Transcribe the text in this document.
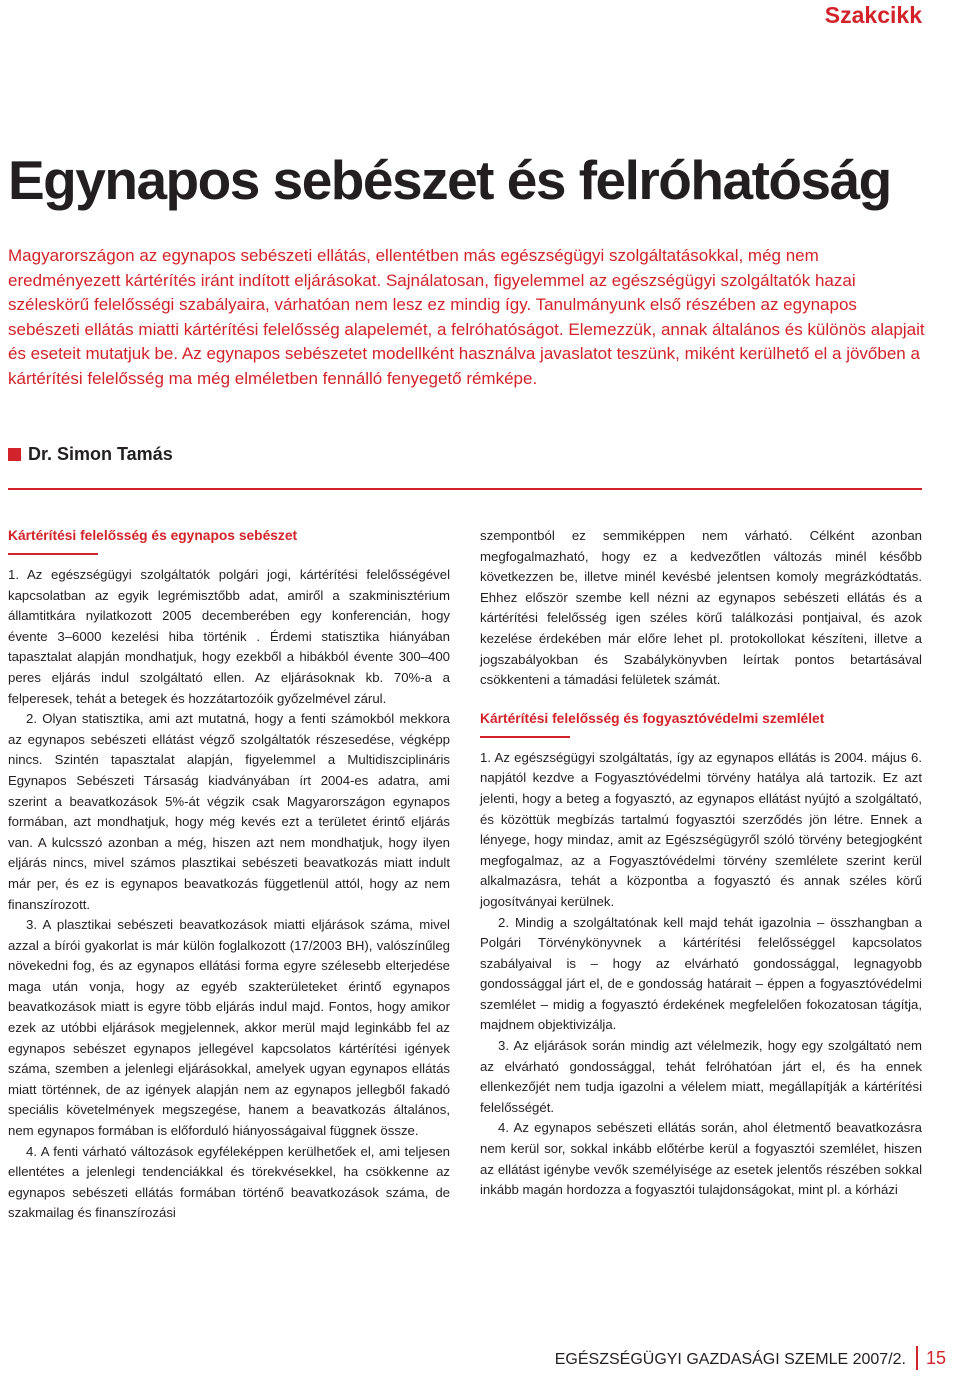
Szakcikk
Egynapos sebészet és felróhatóság

Magyarországon az egynapos sebészeti ellátás, ellentétben más egészségügyi szolgáltatásokkal, még nem eredményezett kártérítés iránt indított eljárásokat. Sajnálatosan, figyelemmel az egészségügyi szolgáltatók hazai széleskörű felelősségi szabályaira, várhatóan nem lesz ez mindig így. Tanulmányunk első részében az egynapos sebészeti ellátás miatti kártérítési felelősség alapelemét, a felróhatóságot. Elemezzük, annak általános és különös alapjait és eseteit mutatjuk be. Az egynapos sebészetet modellként használva javaslatot teszünk, miként kerülhető el a jövőben a kártérítési felelősség ma még elméletben fennálló fenyegető rémképe.

Dr. Simon Tamás
Kártérítési felelősség és egynapos sebészet

1. Az egészségügyi szolgáltatók polgári jogi, kártérítési felelősségével kapcsolatban az egyik legrémisztőbb adat, amiről a szakminisztérium államtitkára nyilatkozott 2005 decemberében egy konferencián, hogy évente 3–6000 kezelési hiba történik . Érdemi statisztika hiányában tapasztalat alapján mondhatjuk, hogy ezekből a hibákból évente 300–400 peres eljárás indul szolgáltató ellen. Az eljárásoknak kb. 70%-a a felperesek, tehát a betegek és hozzátartozóik győzelmével zárul.

2. Olyan statisztika, ami azt mutatná, hogy a fenti számokból mekkora az egynapos sebészeti ellátást végző szolgáltatók részesedése, végképp nincs. Szintén tapasztalat alapján, figyelemmel a Multidiszciplináris Egynapos Sebészeti Társaság kiadványában írt 2004-es adatra, ami szerint a beavatkozások 5%-át végzik csak Magyarországon egynapos formában, azt mondhatjuk, hogy még kevés ezt a területet érintő eljárás van. A kulcsszó azonban a még, hiszen azt nem mondhatjuk, hogy ilyen eljárás nincs, mivel számos plasztikai sebészeti beavatkozás miatt indult már per, és ez is egynapos beavatkozás függetlenül attól, hogy az nem finanszírozott.

3. A plasztikai sebészeti beavatkozások miatti eljárások száma, mivel azzal a bírói gyakorlat is már külön foglalkozott (17/2003 BH), valószínűleg növekedni fog, és az egynapos ellátási forma egyre szélesebb elterjedése maga után vonja, hogy az egyéb szakterületeket érintő egynapos beavatkozások miatt is egyre több eljárás indul majd. Fontos, hogy amikor ezek az utóbbi eljárások megjelennek, akkor merül majd leginkább fel az egynapos sebészet egynapos jellegével kapcsolatos kártérítési igények száma, szemben a jelenlegi eljárásokkal, amelyek ugyan egynapos ellátás miatt történnek, de az igények alapján nem az egynapos jellegből fakadó speciális követelmények megszegése, hanem a beavatkozás általános, nem egynapos formában is előforduló hiányosságaival függnek össze.

4. A fenti várható változások egyféleképpen kerülhetőek el, ami teljesen ellentétes a jelenlegi tendenciákkal és törekvésekkel, ha csökkenne az egynapos sebészeti ellátás formában történő beavatkozások száma, de szakmailag és finanszírozási

szempontból ez semmiképpen nem várható. Célként azonban megfogalmazható, hogy ez a kedvezőtlen változás minél később következzen be, illetve minél kevésbé jelentsen komoly megrázkódtatás. Ehhez először szembe kell nézni az egynapos sebészeti ellátás és a kártérítési felelősség igen széles körű találkozási pontjaival, és azok kezelése érdekében már előre lehet pl. protokollokat készíteni, illetve a jogszabályokban és Szabálykönyvben leírtak pontos betartásával csökkenteni a támadási felületek számát.

Kártérítési felelősség és fogyasztóvédelmi szemlélet

1. Az egészségügyi szolgáltatás, így az egynapos ellátás is 2004. május 6. napjától kezdve a Fogyasztóvédelmi törvény hatálya alá tartozik. Ez azt jelenti, hogy a beteg a fogyasztó, az egynapos ellátást nyújtó a szolgáltató, és közöttük megbízás tartalmú fogyasztói szerződés jön létre. Ennek a lényege, hogy mindaz, amit az Egészségügyről szóló törvény betegjogként megfogalmaz, az a Fogyasztóvédelmi törvény szemlélete szerint kerül alkalmazásra, tehát a központba a fogyasztó és annak széles körű jogosítványai kerülnek.

2. Mindig a szolgáltatónak kell majd tehát igazolnia – összhangban a Polgári Törvénykönyvnek a kártérítési felelősséggel kapcsolatos szabályaival is – hogy az elvárható gondossággal, legnagyobb gondossággal járt el, de e gondosság határait – éppen a fogyasztóvédelmi szemlélet – midig a fogyasztó érdekének megfelelően fokozatosan tágítja, majdnem objektivizálja.

3. Az eljárások során mindig azt vélelmezik, hogy egy szolgáltató nem az elvárható gondossággal, tehát felróhatóan járt el, és ha ennek ellenkezőjét nem tudja igazolni a vélelem miatt, megállapítják a kártérítési felelősségét.

4. Az egynapos sebészeti ellátás során, ahol életmentő beavatkozásra nem kerül sor, sokkal inkább előtérbe kerül a fogyasztói szemlélet, hiszen az ellátást igénybe vevők személyisége az esetek jelentős részében sokkal inkább magán hordozza a fogyasztói tulajdonságokat, mint pl. a kórházi

EGÉSZSÉGÜGYI GAZDASÁGI SZEMLE 2007/2. 15
